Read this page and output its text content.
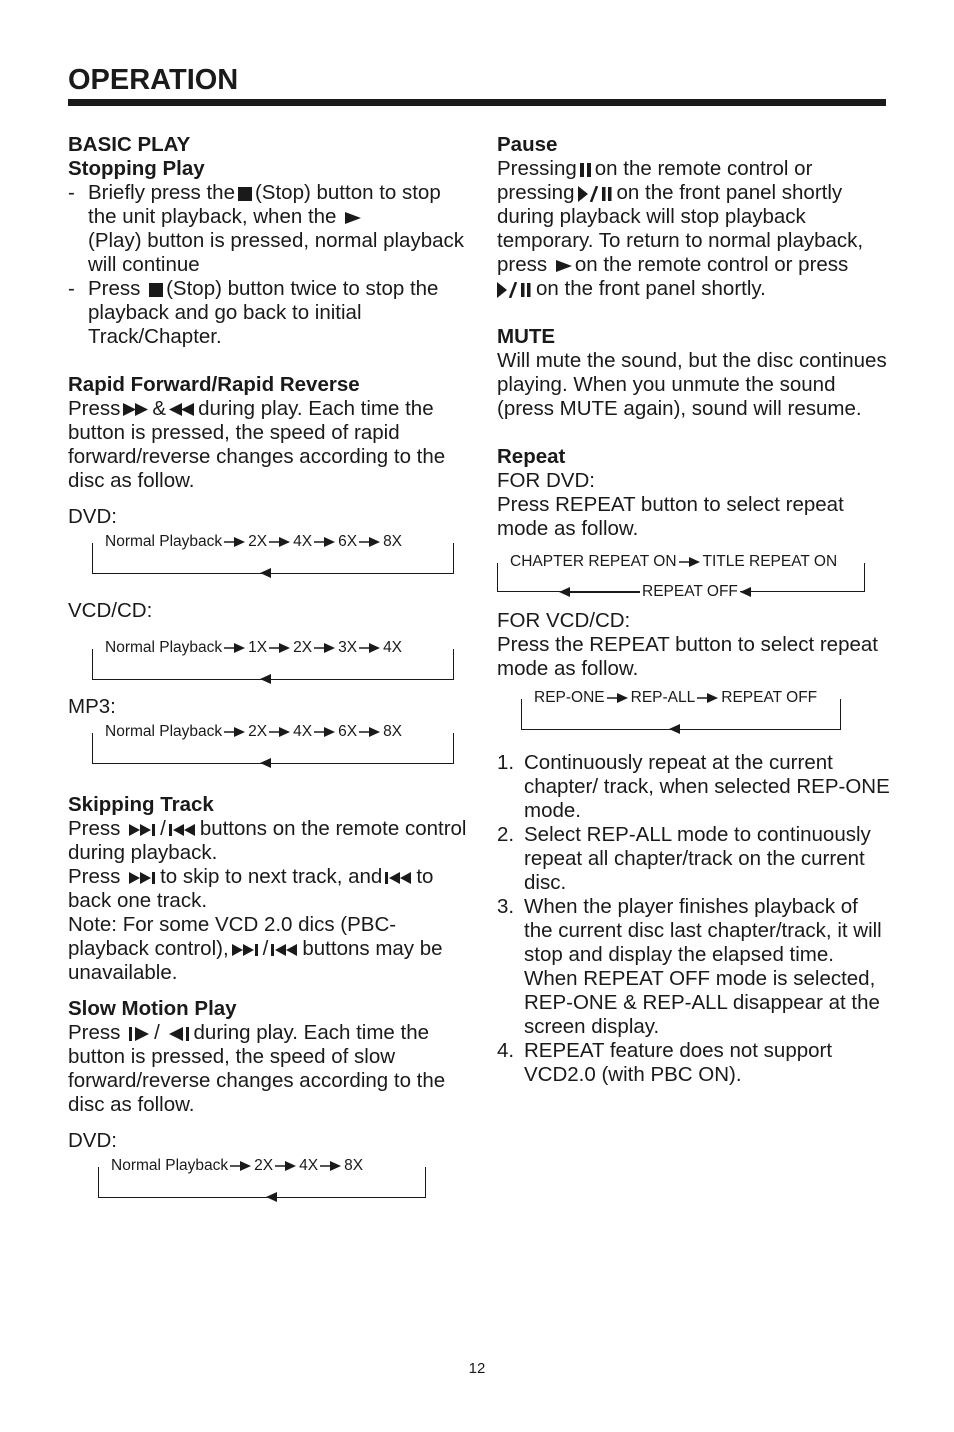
OPERATION

BASIC PLAY

Stopping Play

- Briefly press the (Stop) button to stop the unit playback, when the
(Play) button is pressed, normal playback will continue
- Press (Stop) button twice to stop the playback and go back to initial Track/Chapter.

Rapid Forward/Rapid Reverse

Press & during play. Each time the button is pressed, the speed of rapid forward/reverse changes according to the disc as follow.

DVD:

Normal Playback 2X 4X 6X 8X

VCD/CD:

Normal Playback 1X 2X 3X 4X

MP3:

Normal Playback 2X 4X 6X 8X

Skipping Track

Press / buttons on the remote control during playback.

Press to skip to next track, and to back one track.

Note: For some VCD 2.0 dics (PBC-playback control), / buttons may be unavailable.

Slow Motion Play

Press / during play. Each time the button is pressed, the speed of slow forward/reverse changes according to the disc as follow.

DVD:

Normal Playback 2X 4X 8X

Pause

Pressing on the remote control or pressing on the front panel shortly during playback will stop playback temporary. To return to normal playback, press on the remote control or press
on the front panel shortly.

MUTE

Will mute the sound, but the disc continues playing. When you unmute the sound (press MUTE again), sound will resume.

Repeat

FOR DVD:

Press REPEAT button to select repeat mode as follow.

CHAPTER REPEAT ON TITLE REPEAT ON
REPEAT OFF

FOR VCD/CD:

Press the REPEAT button to select repeat mode as follow.

REP-ONE REP-ALL REPEAT OFF
1. Continuously repeat at the current chapter/ track, when selected REP-ONE mode.
2. Select REP-ALL mode to continuously repeat all chapter/track on the current disc.
3. When the player finishes playback of the current disc last chapter/track, it will stop and display the elapsed time. When REPEAT OFF mode is selected, REP-ONE & REP-ALL disappear at the screen display.
4. REPEAT feature does not support VCD2.0 (with PBC ON).
12
